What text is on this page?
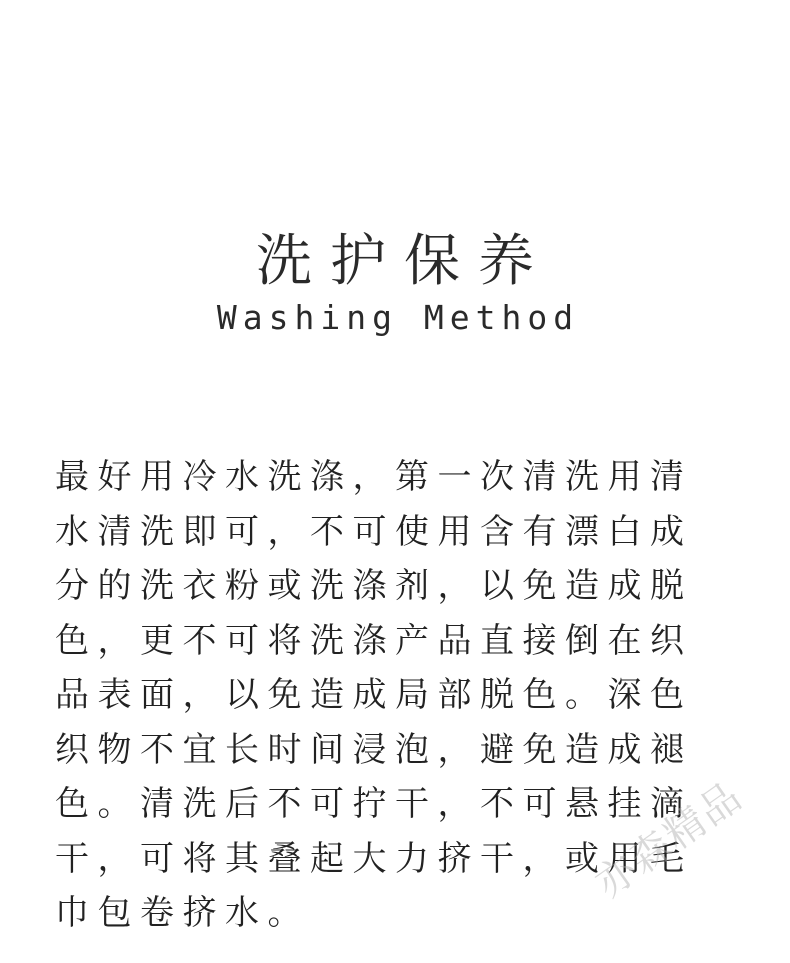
洗护保养
Washing Method
最好用冷水洗涤，第一次清洗用清
水清洗即可，不可使用含有漂白成
分的洗衣粉或洗涤剂，以免造成脱
色，更不可将洗涤产品直接倒在织
品表面，以免造成局部脱色。深色
织物不宜长时间浸泡，避免造成褪
色。清洗后不可拧干，不可悬挂滴
干，可将其叠起大力挤干，或用毛
巾包卷挤水。
亦森精品
